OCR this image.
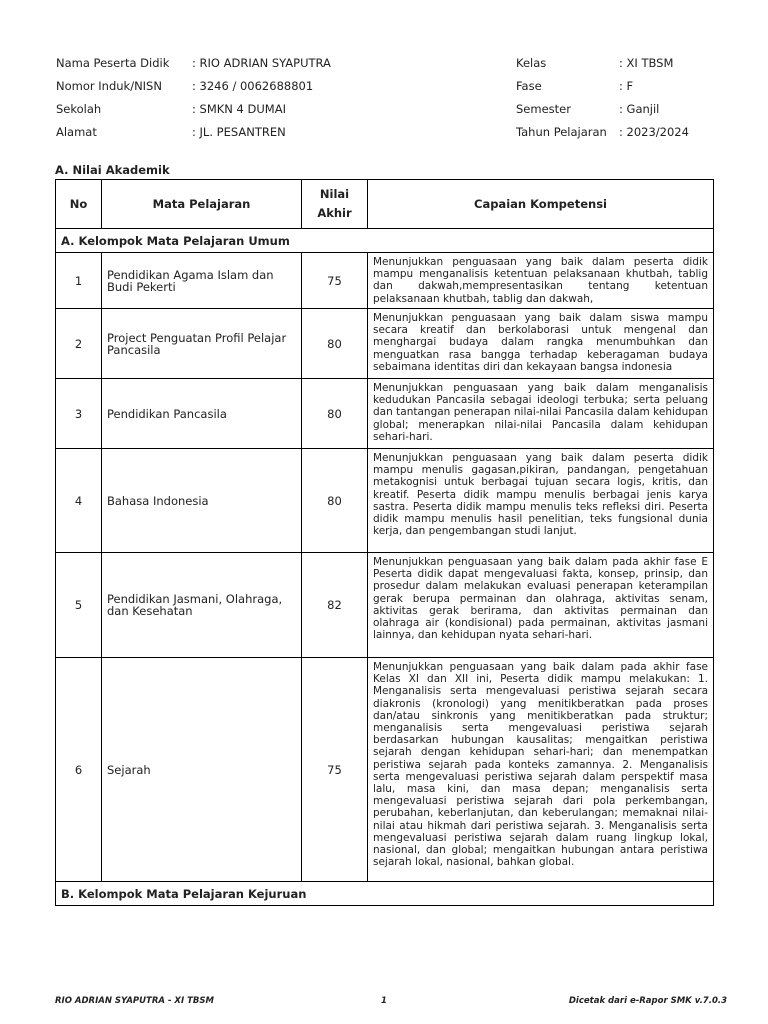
Nama Peserta Didik	: RIO ADRIAN SYAPUTRA
Nomor Induk/NISN	: 3246 / 0062688801
Sekolah	: SMKN 4 DUMAI
Alamat	: JL. PESANTREN
Kelas	: XI TBSM
Fase	: F
Semester	: Ganjil
Tahun Pelajaran	: 2023/2024
A. Nilai Akademik
No	Mata Pelajaran	Nilai Akhir	Capaian Kompetensi
A. Kelompok Mata Pelajaran Umum			
1	Pendidikan Agama Islam dan Budi Pekerti	75	Menunjukkan penguasaan yang baik dalam peserta didik mampu menganalisis ketentuan pelaksanaan khutbah, tablig dan dakwah,mempresentasikan tentang ketentuan pelaksanaan khutbah, tablig dan dakwah,
2	Project Penguatan Profil Pelajar Pancasila	80	Menunjukkan penguasaan yang baik dalam siswa mampu secara kreatif dan berkolaborasi untuk mengenal dan menghargai budaya dalam rangka menumbuhkan dan menguatkan rasa bangga terhadap keberagaman budaya sebaimana identitas diri dan kekayaan bangsa indonesia
3	Pendidikan Pancasila	80	Menunjukkan penguasaan yang baik dalam menganalisis kedudukan Pancasila sebagai ideologi terbuka; serta peluang dan tantangan penerapan nilai-nilai Pancasila dalam kehidupan global; menerapkan nilai-nilai Pancasila dalam kehidupan sehari-hari.
4	Bahasa Indonesia	80	Menunjukkan penguasaan yang baik dalam peserta didik mampu menulis gagasan,pikiran, pandangan, pengetahuan metakognisi untuk berbagai tujuan secara logis, kritis, dan kreatif. Peserta didik mampu menulis berbagai jenis karya sastra. Peserta didik mampu menulis teks refleksi diri. Peserta didik mampu menulis hasil penelitian, teks fungsional dunia kerja, dan pengembangan studi lanjut.
5	Pendidikan Jasmani, Olahraga, dan Kesehatan	82	Menunjukkan penguasaan yang baik dalam pada akhir fase E Peserta didik dapat mengevaluasi fakta, konsep, prinsip, dan prosedur dalam melakukan evaluasi penerapan keterampilan gerak berupa permainan dan olahraga, aktivitas senam, aktivitas gerak berirama, dan aktivitas permainan dan olahraga air (kondisional) pada permainan, aktivitas jasmani lainnya, dan kehidupan nyata sehari-hari.
6	Sejarah	75	Menunjukkan penguasaan yang baik dalam pada akhir fase Kelas XI dan XII ini, Peserta didik mampu melakukan: 1. Menganalisis serta mengevaluasi peristiwa sejarah secara diakronis (kronologi) yang menitikberatkan pada proses dan/atau sinkronis yang menitikberatkan pada struktur; menganalisis serta mengevaluasi peristiwa sejarah berdasarkan hubungan kausalitas; mengaitkan peristiwa sejarah dengan kehidupan sehari-hari; dan menempatkan peristiwa sejarah pada konteks zamannya. 2. Menganalisis serta mengevaluasi peristiwa sejarah dalam perspektif masa lalu, masa kini, dan masa depan; menganalisis serta mengevaluasi peristiwa sejarah dari pola perkembangan, perubahan, keberlanjutan, dan keberulangan; memaknai nilai-nilai atau hikmah dari peristiwa sejarah. 3. Menganalisis serta mengevaluasi peristiwa sejarah dalam ruang lingkup lokal, nasional, dan global; mengaitkan hubungan antara peristiwa sejarah lokal, nasional, bahkan global.
B. Kelompok Mata Pelajaran Kejuruan			
RIO ADRIAN SYAPUTRA - XI TBSM	1	Dicetak dari e-Rapor SMK v.7.0.3
